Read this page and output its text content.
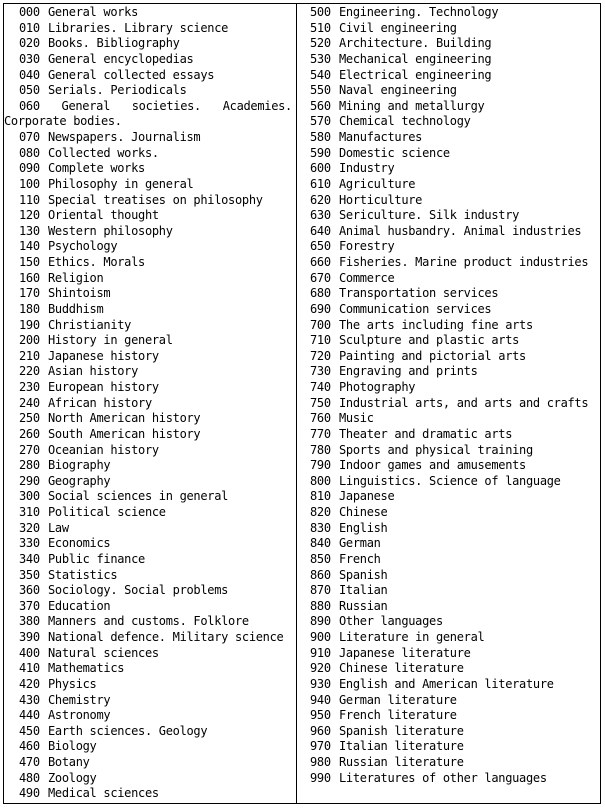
000 General works
010 Libraries. Library science
020 Books. Bibliography
030 General encyclopedias
040 General collected essays
050 Serials. Periodicals
060 General societies. Academies.
Corporate bodies.
070 Newspapers. Journalism
080 Collected works.
090 Complete works
100 Philosophy in general
110 Special treatises on philosophy
120 Oriental thought
130 Western philosophy
140 Psychology
150 Ethics. Morals
160 Religion
170 Shintoism
180 Buddhism
190 Christianity
200 History in general
210 Japanese history
220 Asian history
230 European history
240 African history
250 North American history
260 South American history
270 Oceanian history
280 Biography
290 Geography
300 Social sciences in general
310 Political science
320 Law
330 Economics
340 Public finance
350 Statistics
360 Sociology. Social problems
370 Education
380 Manners and customs. Folklore
390 National defence. Military science
400 Natural sciences
410 Mathematics
420 Physics
430 Chemistry
440 Astronomy
450 Earth sciences. Geology
460 Biology
470 Botany
480 Zoology
490 Medical sciences
500 Engineering. Technology
510 Civil engineering
520 Architecture. Building
530 Mechanical engineering
540 Electrical engineering
550 Naval engineering
560 Mining and metallurgy
570 Chemical technology
580 Manufactures
590 Domestic science
600 Industry
610 Agriculture
620 Horticulture
630 Sericulture. Silk industry
640 Animal husbandry. Animal industries
650 Forestry
660 Fisheries. Marine product industries
670 Commerce
680 Transportation services
690 Communication services
700 The arts including fine arts
710 Sculpture and plastic arts
720 Painting and pictorial arts
730 Engraving and prints
740 Photography
750 Industrial arts, and arts and crafts
760 Music
770 Theater and dramatic arts
780 Sports and physical training
790 Indoor games and amusements
800 Linguistics. Science of language
810 Japanese
820 Chinese
830 English
840 German
850 French
860 Spanish
870 Italian
880 Russian
890 Other languages
900 Literature in general
910 Japanese literature
920 Chinese literature
930 English and American literature
940 German literature
950 French literature
960 Spanish literature
970 Italian literature
980 Russian literature
990 Literatures of other languages
